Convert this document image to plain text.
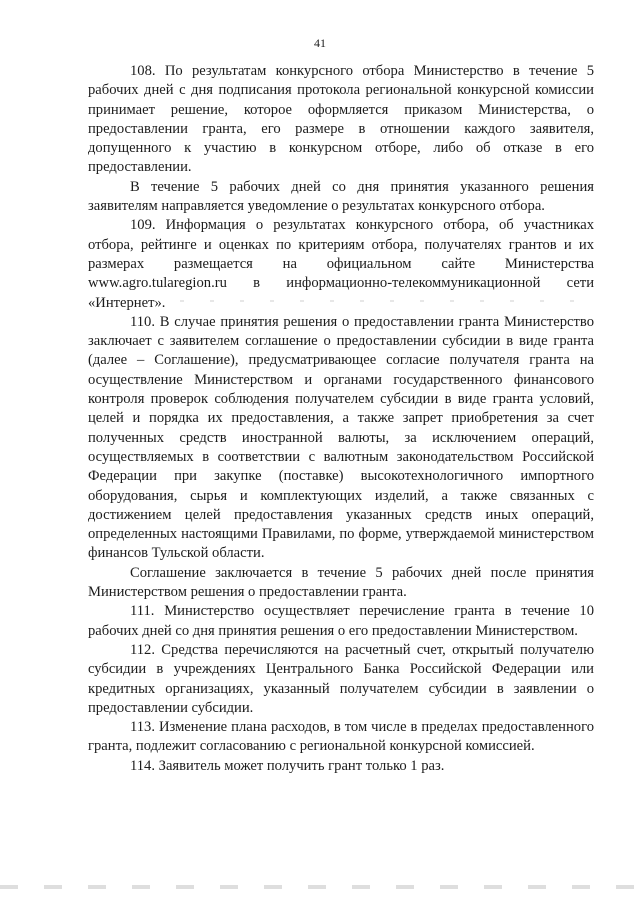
41

108. По результатам конкурсного отбора Министерство в течение 5 рабочих дней с дня подписания протокола региональной конкурсной комиссии принимает решение, которое оформляется приказом Министерства, о предоставлении гранта, его размере в отношении каждого заявителя, допущенного к участию в конкурсном отборе, либо об отказе в его предоставлении.

В течение 5 рабочих дней со дня принятия указанного решения заявителям направляется уведомление о результатах конкурсного отбора.

109. Информация о результатах конкурсного отбора, об участниках отбора, рейтинге и оценках по критериям отбора, получателях грантов и их размерах размещается на официальном сайте Министерства www.agro.tularegion.ru в информационно-телекоммуникационной сети «Интернет».

110. В случае принятия решения о предоставлении гранта Министерство заключает с заявителем соглашение о предоставлении субсидии в виде гранта (далее – Соглашение), предусматривающее согласие получателя гранта на осуществление Министерством и органами государственного финансового контроля проверок соблюдения получателем субсидии в виде гранта условий, целей и порядка их предоставления, а также запрет приобретения за счет полученных средств иностранной валюты, за исключением операций, осуществляемых в соответствии с валютным законодательством Российской Федерации при закупке (поставке) высокотехнологичного импортного оборудования, сырья и комплектующих изделий, а также связанных с достижением целей предоставления указанных средств иных операций, определенных настоящими Правилами, по форме, утверждаемой министерством финансов Тульской области.

Соглашение заключается в течение 5 рабочих дней после принятия Министерством решения о предоставлении гранта.

111. Министерство осуществляет перечисление гранта в течение 10 рабочих дней со дня принятия решения о его предоставлении Министерством.

112. Средства перечисляются на расчетный счет, открытый получателю субсидии в учреждениях Центрального Банка Российской Федерации или кредитных организациях, указанный получателем субсидии в заявлении о предоставлении субсидии.

113. Изменение плана расходов, в том числе в пределах предоставленного гранта, подлежит согласованию с региональной конкурсной комиссией.

114. Заявитель может получить грант только 1 раз.
